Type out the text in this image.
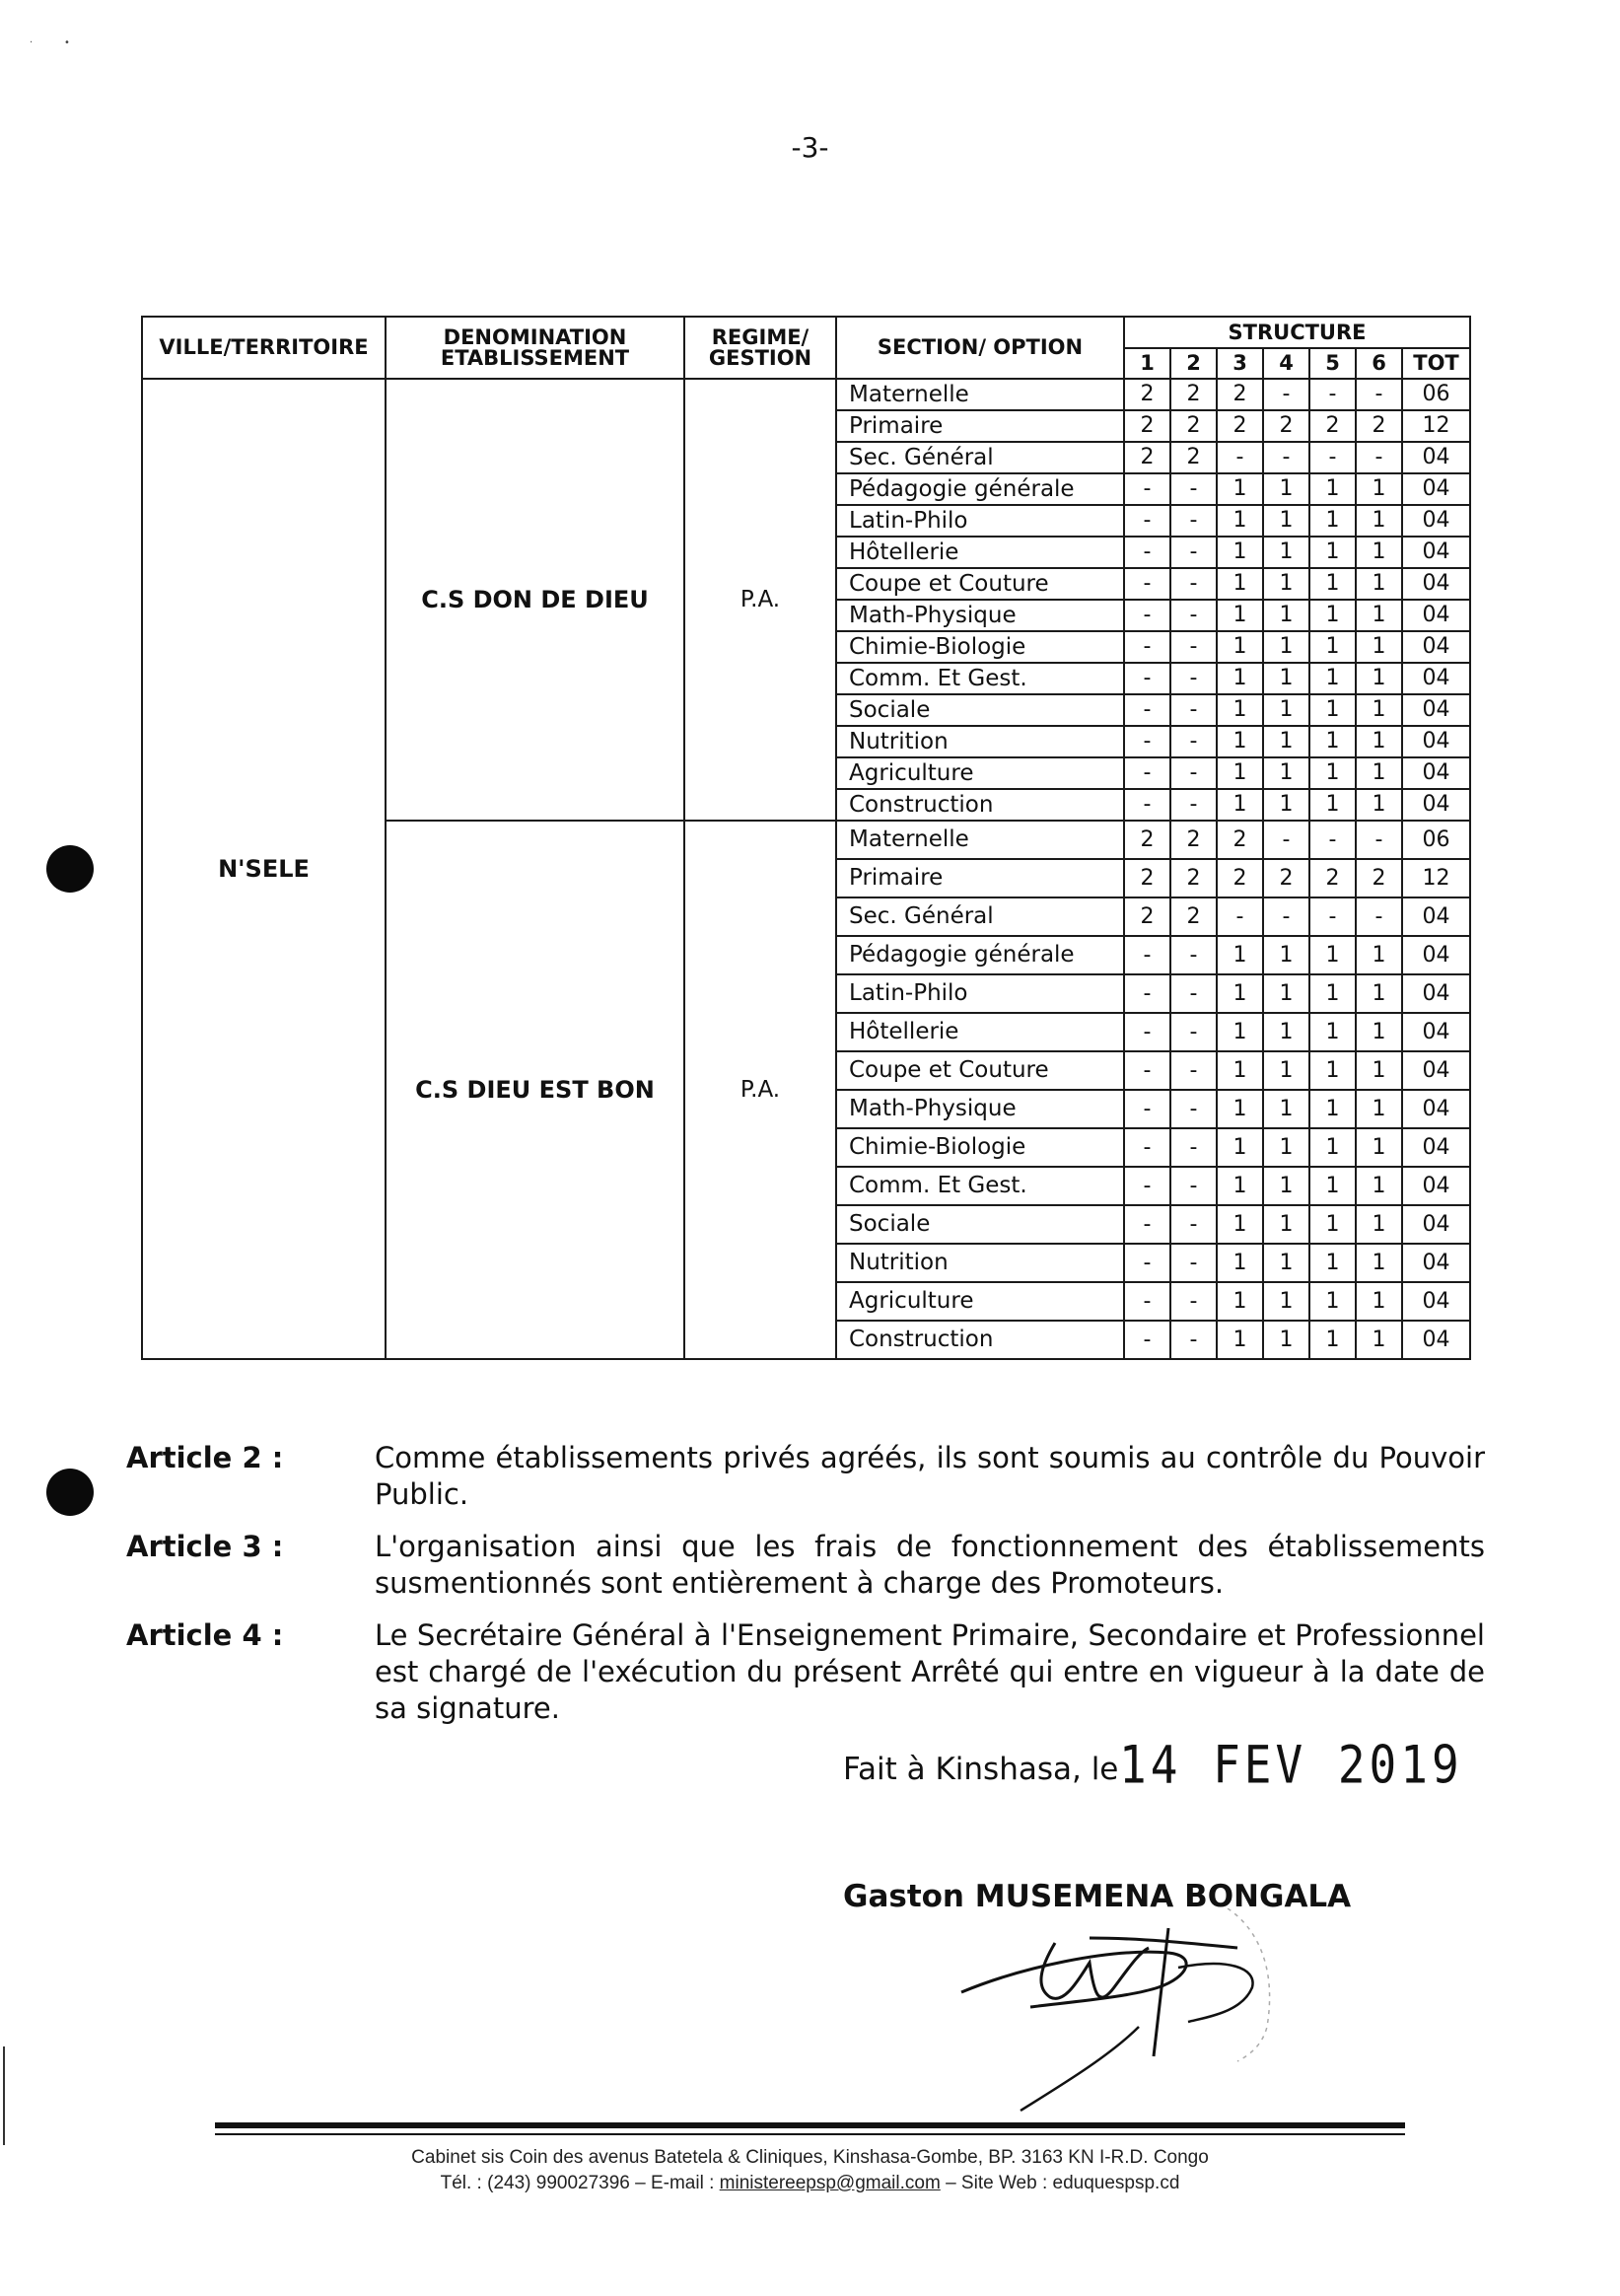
·          •
-3-
VILLE/TERRITOIRE	DENOMINATION ETABLISSEMENT	REGIME/ GESTION	SECTION/ OPTION	STRUCTURE						
				1	2	3	4	5	6	TOT
N'SELE	C.S DON DE DIEU	P.A.	Maternelle	2	2	2	-	-	-	06
			Primaire	2	2	2	2	2	2	12
			Sec. Général	2	2	-	-	-	-	04
			Pédagogie générale	-	-	1	1	1	1	04
			Latin-Philo	-	-	1	1	1	1	04
			Hôtellerie	-	-	1	1	1	1	04
			Coupe et Couture	-	-	1	1	1	1	04
			Math-Physique	-	-	1	1	1	1	04
			Chimie-Biologie	-	-	1	1	1	1	04
			Comm. Et Gest.	-	-	1	1	1	1	04
			Sociale	-	-	1	1	1	1	04
			Nutrition	-	-	1	1	1	1	04
			Agriculture	-	-	1	1	1	1	04
			Construction	-	-	1	1	1	1	04
	C.S DIEU EST BON	P.A.	Maternelle	2	2	2	-	-	-	06
			Primaire	2	2	2	2	2	2	12
			Sec. Général	2	2	-	-	-	-	04
			Pédagogie générale	-	-	1	1	1	1	04
			Latin-Philo	-	-	1	1	1	1	04
			Hôtellerie	-	-	1	1	1	1	04
			Coupe et Couture	-	-	1	1	1	1	04
			Math-Physique	-	-	1	1	1	1	04
			Chimie-Biologie	-	-	1	1	1	1	04
			Comm. Et Gest.	-	-	1	1	1	1	04
			Sociale	-	-	1	1	1	1	04
			Nutrition	-	-	1	1	1	1	04
			Agriculture	-	-	1	1	1	1	04
			Construction	-	-	1	1	1	1	04
Article 2 :	Comme établissements privés agréés, ils sont soumis au contrôle du Pouvoir Public.
Article 3 :	L'organisation ainsi que les frais de fonctionnement des établissements susmentionnés sont entièrement à charge des Promoteurs.
Article 4 :	Le Secrétaire Général à l'Enseignement Primaire, Secondaire et Professionnel est chargé de l'exécution du présent Arrêté qui entre en vigueur à la date de sa signature.
Fait à Kinshasa, le 14 FEV 2019
Gaston MUSEMENA BONGALA
Cabinet sis Coin des avenus Batetela & Cliniques, Kinshasa-Gombe, BP. 3163 KN I-R.D. Congo
Tél. : (243) 990027396 – E-mail : ministereepsp@gmail.com – Site Web : eduquespsp.cd
